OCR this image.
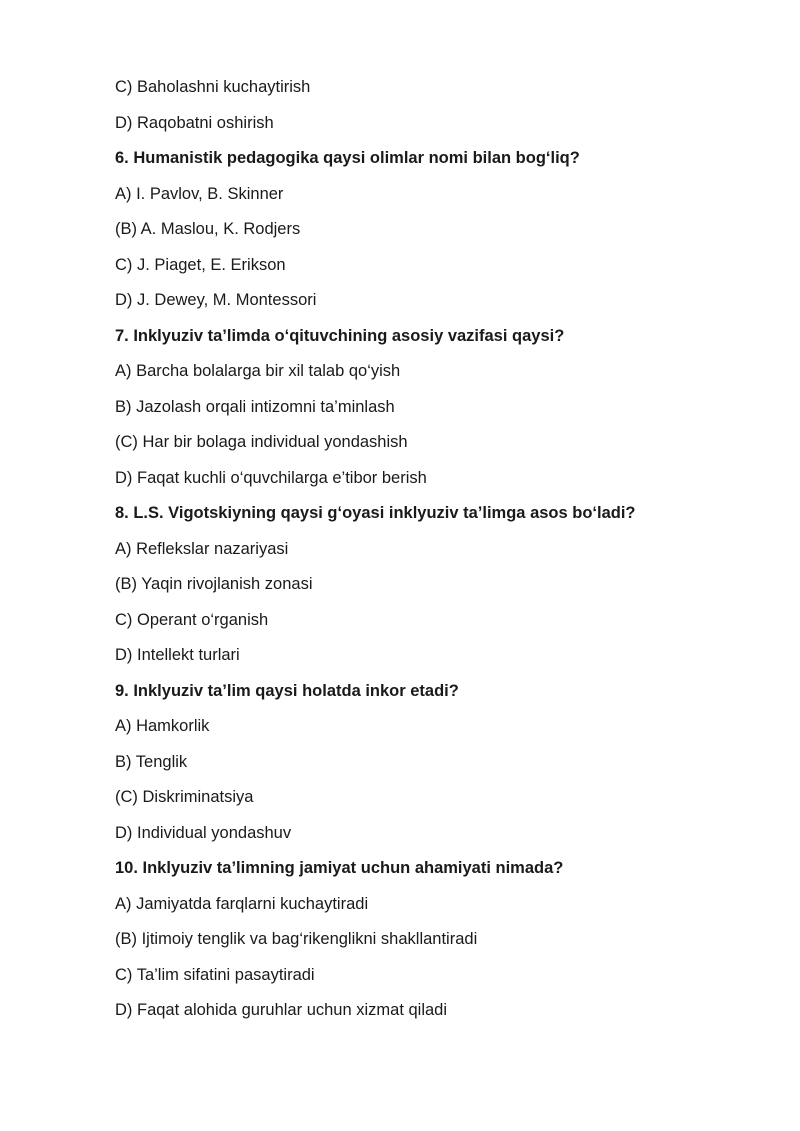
C) Baholashni kuchaytirish
D) Raqobatni oshirish
6. Humanistik pedagogika qaysi olimlar nomi bilan bog‘liq?
A) I. Pavlov, B. Skinner
(B) A. Maslou, K. Rodjers
C) J. Piaget, E. Erikson
D) J. Dewey, M. Montessori
7. Inklyuziv ta’limda o‘qituvchining asosiy vazifasi qaysi?
A) Barcha bolalarga bir xil talab qo‘yish
B) Jazolash orqali intizomni ta’minlash
(C) Har bir bolaga individual yondashish
D) Faqat kuchli o‘quvchilarga e’tibor berish
8. L.S. Vigotskiyning qaysi g‘oyasi inklyuziv ta’limga asos bo‘ladi?
A) Reflekslar nazariyasi
(B) Yaqin rivojlanish zonasi
C) Operant o‘rganish
D) Intellekt turlari
9. Inklyuziv ta’lim qaysi holatda inkor etadi?
A) Hamkorlik
B) Tenglik
(C) Diskriminatsiya
D) Individual yondashuv
10. Inklyuziv ta’limning jamiyat uchun ahamiyati nimada?
A) Jamiyatda farqlarni kuchaytiradi
(B) Ijtimoiy tenglik va bag‘rikenglikni shakllantiradi
C) Ta’lim sifatini pasaytiradi
D) Faqat alohida guruhlar uchun xizmat qiladi
